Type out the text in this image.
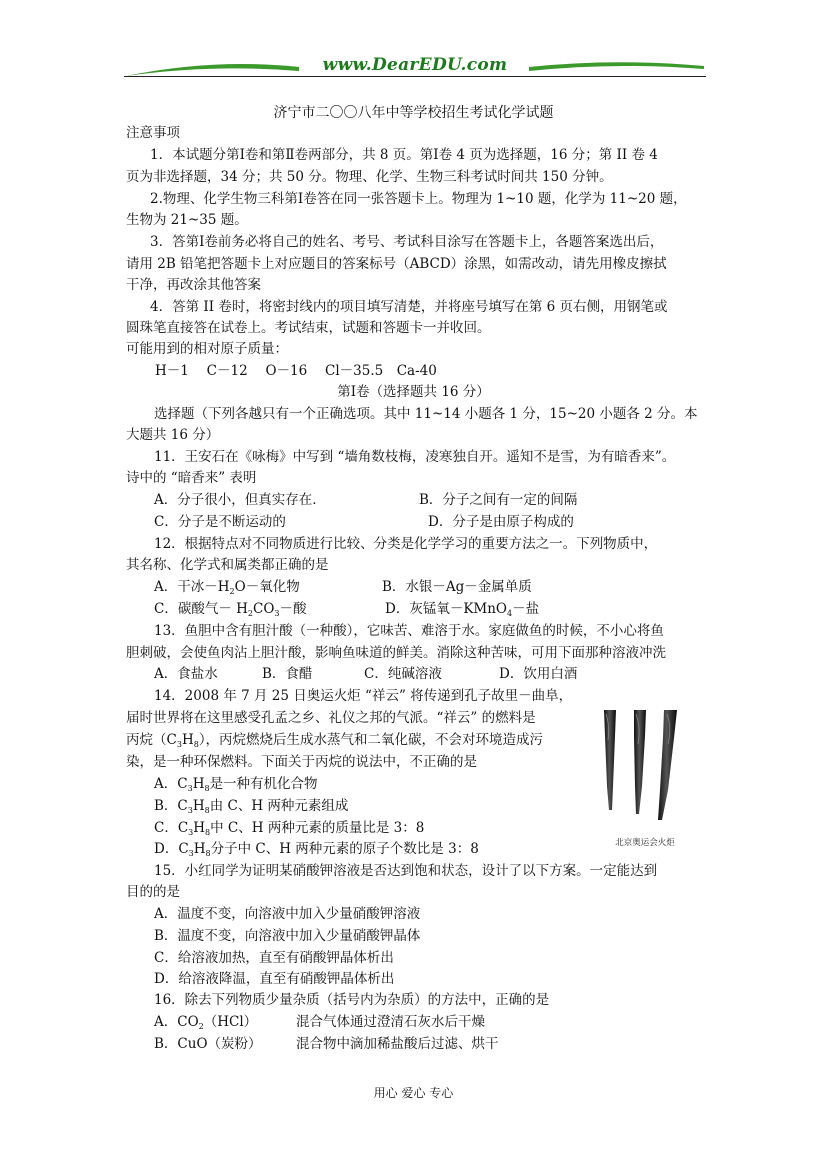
www.DearEDU.com
济宁市二〇〇八年中等学校招生考试化学试题
注意事项
1．本试题分第Ⅰ卷和第Ⅱ卷两部分，共 8 页。第Ⅰ卷 4 页为选择题，16 分；第 II 卷 4
页为非选择题，34 分；共 50 分。物理、化学、生物三科考试时间共 150 分钟。
2.物理、化学生物三科第Ⅰ卷答在同一张答题卡上。物理为 1~10 题，化学为 11~20 题，
生物为 21~35 题。
3．答第Ⅰ卷前务必将自己的姓名、考号、考试科目涂写在答题卡上，各题答案选出后，
请用 2B 铅笔把答题卡上对应题目的答案标号（ABCD）涂黑，如需改动，请先用橡皮擦拭
干净，再改涂其他答案
4．答第 II 卷时，将密封线内的项目填写清楚，并将座号填写在第 6 页右侧，用钢笔或
圆珠笔直接答在试卷上。考试结束，试题和答题卡一并收回。
可能用到的相对原子质量：
H－1　 C－12 　O－16 　Cl－35.5　Ca-40
第Ⅰ卷（选择题共 16 分）
选择题（下列各越只有一个正确选项。其中 11~14 小题各 1 分，15~20 小题各 2 分。本
大题共 16 分）
11．王安石在《咏梅》中写到 “墙角数枝梅，凌寒独自开。遥知不是雪，为有暗香来”。
诗中的 “暗香来” 表明
A．分子很小，但真实存在．	B．分子之间有一定的间隔
C．分子是不断运动的	D．分子是由原子构成的
12．根据特点对不同物质进行比较、分类是化学学习的重要方法之一。下列物质中，
其名称、化学式和属类都正确的是
A．干冰$-H_2O-$氧化物	B．水银－Ag－金属单质
C．碳酸气－ $H_2CO_3-$酸	D．灰锰氧－KMnO$_4$－盐
13．鱼胆中含有胆汁酸（一种酸），它味苦、难溶于水。家庭做鱼的时候，不小心将鱼
胆刺破，会使鱼肉沾上胆汁酸，影响鱼味道的鲜美。消除这种苦味，可用下面那种溶液冲洗
A．食盐水	B．食醋	C．纯碱溶液	D．饮用白酒
14．2008 年 7 月 25 日奥运火炬 “祥云” 将传递到孔子故里－曲阜，
届时世界将在这里感受孔孟之乡、礼仪之邦的气派。“祥云” 的燃料是
丙烷$(C_3H_8)$，丙烷燃烧后生成水蒸气和二氧化碳，不会对环境造成污
染，是一种环保燃料。下面关于丙烷的说法中，不正确的是
A．$C_3H_8$是一种有机化合物
B．$C_3H_8$由 C、H 两种元素组成
C．$C_3H_8$中 C、H 两种元素的质量比是 3：8
D．$C_3H_8$分子中 C、H 两种元素的原子个数比是 3：8	北京奥运会火炬
15．小红同学为证明某硝酸钾溶液是否达到饱和状态，设计了以下方案。一定能达到
目的的是
A．温度不变，向溶液中加入少量硝酸钾溶液
B．温度不变，向溶液中加入少量硝酸钾晶体
C．给溶液加热，直至有硝酸钾晶体析出
D．给溶液降温，直至有硝酸钾晶体析出
16．除去下列物质少量杂质（括号内为杂质）的方法中，正确的是
A．$CO_2(HCl)$	混合气体通过澄清石灰水后干燥
B．CuO（炭粉）	混合物中滴加稀盐酸后过滤、烘干
用心 爱心 专心
